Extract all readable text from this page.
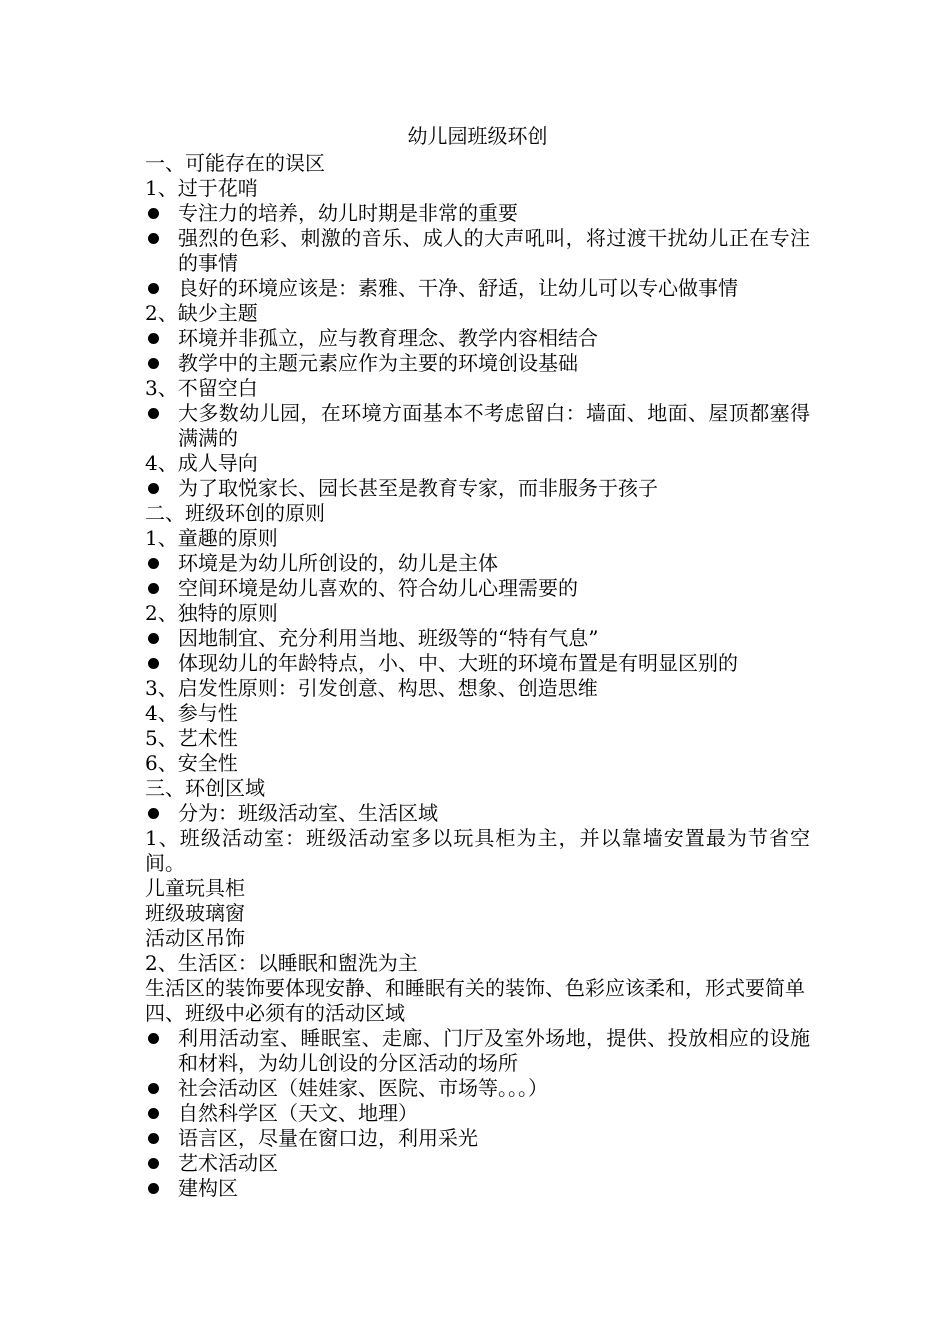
幼儿园班级环创

一、可能存在的误区

1、过于花哨

专注力的培养，幼儿时期是非常的重要
强烈的色彩、刺激的音乐、成人的大声吼叫，将过渡干扰幼儿正在专注的事情
良好的环境应该是：素雅、干净、舒适，让幼儿可以专心做事情

2、缺少主题

环境并非孤立，应与教育理念、教学内容相结合
教学中的主题元素应作为主要的环境创设基础

3、不留空白

大多数幼儿园，在环境方面基本不考虑留白：墙面、地面、屋顶都塞得满满的

4、成人导向

为了取悦家长、园长甚至是教育专家，而非服务于孩子

二、班级环创的原则

1、童趣的原则

环境是为幼儿所创设的，幼儿是主体
空间环境是幼儿喜欢的、符合幼儿心理需要的

2、独特的原则

因地制宜、充分利用当地、班级等的“特有气息”
体现幼儿的年龄特点，小、中、大班的环境布置是有明显区别的

3、启发性原则：引发创意、构思、想象、创造思维

4、参与性

5、艺术性

6、安全性

三、环创区域

分为：班级活动室、生活区域

1、班级活动室：班级活动室多以玩具柜为主，并以靠墙安置最为节省空间。

儿童玩具柜

班级玻璃窗

活动区吊饰

2、生活区：以睡眠和盥洗为主

生活区的装饰要体现安静、和睡眠有关的装饰、色彩应该柔和，形式要简单

四、班级中必须有的活动区域

利用活动室、睡眠室、走廊、门厅及室外场地，提供、投放相应的设施和材料，为幼儿创设的分区活动的场所
社会活动区（娃娃家、医院、市场等。。。）
自然科学区（天文、地理）
语言区，尽量在窗口边，利用采光
艺术活动区
建构区
